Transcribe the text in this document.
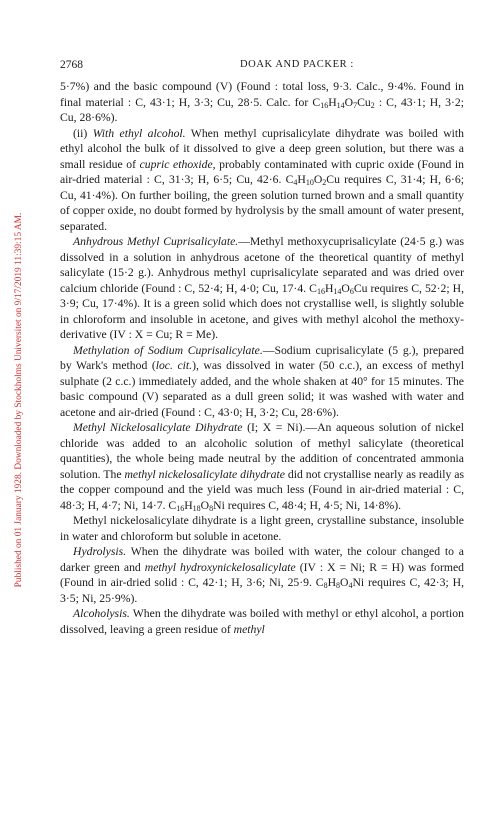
2768	DOAK AND PACKER :
Published on 01 January 1928. Downloaded by Stockholms Universitet on 9/17/2019 11:39:15 AM.

5·7%) and the basic compound (V) (Found : total loss, 9·3. Calc., 9·4%. Found in final material : C, 43·1; H, 3·3; Cu, 28·5. Calc. for $C_{16}H_{14}O_7Cu_2$ : C, 43·1; H, 3·2; Cu, 28·6%).

(ii) With ethyl alcohol. When methyl cuprisalicylate dihydrate was boiled with ethyl alcohol the bulk of it dissolved to give a deep green solution, but there was a small residue of cupric ethoxide, probably contaminated with cupric oxide (Found in air-dried material : C, 31·3; H, 6·5; Cu, 42·6. $C_4H_{10}O_2Cu$ requires C, 31·4; H, 6·6; Cu, 41·4%). On further boiling, the green solution turned brown and a small quantity of copper oxide, no doubt formed by hydrolysis by the small amount of water present, separated.

Anhydrous Methyl Cuprisalicylate.—Methyl methoxycuprisalicylate (24·5 g.) was dissolved in a solution in anhydrous acetone of the theoretical quantity of methyl salicylate (15·2 g.). Anhydrous methyl cuprisalicylate separated and was dried over calcium chloride (Found : C, 52·4; H, 4·0; Cu, 17·4. $C_{16}H_{14}O_6Cu$ requires C, 52·2; H, 3·9; Cu, 17·4%). It is a green solid which does not crystallise well, is slightly soluble in chloroform and insoluble in acetone, and gives with methyl alcohol the methoxy-derivative (IV : X = Cu; R = Me).

Methylation of Sodium Cuprisalicylate.—Sodium cuprisalicylate (5 g.), prepared by Wark's method (loc. cit.), was dissolved in water (50 c.c.), an excess of methyl sulphate (2 c.c.) immediately added, and the whole shaken at 40° for 15 minutes. The basic compound (V) separated as a dull green solid; it was washed with water and acetone and air-dried (Found : C, 43·0; H, 3·2; Cu, 28·6%).

Methyl Nickelosalicylate Dihydrate (I; X = Ni).—An aqueous solution of nickel chloride was added to an alcoholic solution of methyl salicylate (theoretical quantities), the whole being made neutral by the addition of concentrated ammonia solution. The methyl nickelosalicylate dihydrate did not crystallise nearly as readily as the copper compound and the yield was much less (Found in air-dried material : C, 48·3; H, 4·7; Ni, 14·7. $C_{16}H_{18}O_8Ni$ requires C, 48·4; H, 4·5; Ni, 14·8%).

Methyl nickelosalicylate dihydrate is a light green, crystalline substance, insoluble in water and chloroform but soluble in acetone.

Hydrolysis. When the dihydrate was boiled with water, the colour changed to a darker green and methyl hydroxynickelosalicylate (IV : X = Ni; R = H) was formed (Found in air-dried solid : C, 42·1; H, 3·6; Ni, 25·9. $C_8H_8O_4Ni$ requires C, 42·3; H, 3·5; Ni, 25·9%).

Alcoholysis. When the dihydrate was boiled with methyl or ethyl alcohol, a portion dissolved, leaving a green residue of methyl
